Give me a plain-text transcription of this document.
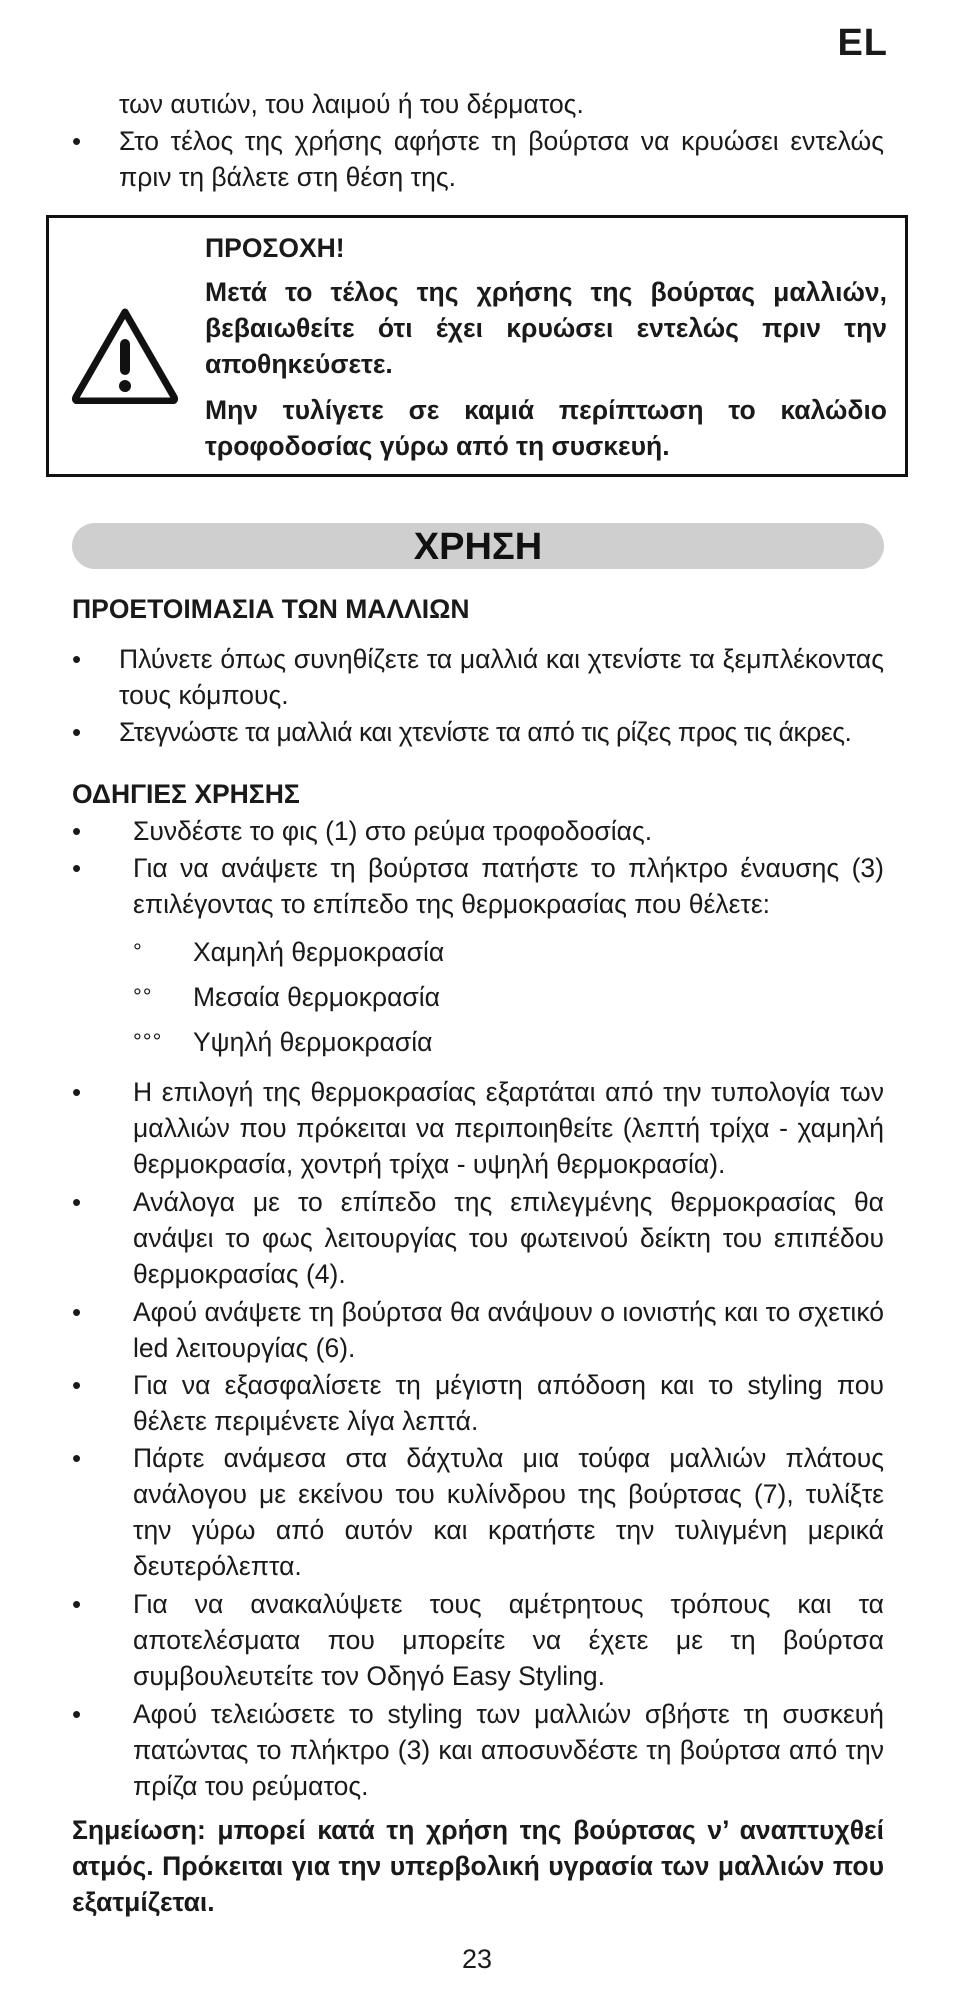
EL
των αυτιών, του λαιμού ή του δέρματος.
•	Στο τέλος της χρήσης αφήστε τη βούρτσα να κρυώσει εντελώς πριν τη βάλετε στη θέση της.
ΠΡΟΣΟΧΗ!
Μετά το τέλος της χρήσης της βούρτας μαλλιών, βεβαιωθείτε ότι έχει κρυώσει εντελώς πριν την αποθηκεύσετε.
Μην τυλίγετε σε καμιά περίπτωση το καλώδιο τροφοδοσίας γύρω από τη συσκευή.
ΧΡΗΣΗ
ΠΡΟΕΤΟΙΜΑΣΙΑ ΤΩΝ ΜΑΛΛΙΩΝ
•	Πλύνετε όπως συνηθίζετε τα μαλλιά και χτενίστε τα ξεμπλέκοντας τους κόμπους.
•	Στεγνώστε τα μαλλιά και χτενίστε τα από τις ρίζες προς τις άκρες.
ΟΔΗΓΙΕΣ ΧΡΗΣΗΣ
•	Συνδέστε το φις (1) στο ρεύμα τροφοδοσίας.
•	Για να ανάψετε τη βούρτσα πατήστε το πλήκτρο έναυσης (3) επιλέγοντας το επίπεδο της θερμοκρασίας που θέλετε:
° Χαμηλή θερμοκρασία
°° Μεσαία θερμοκρασία
°°° Υψηλή θερμοκρασία
•	Η επιλογή της θερμοκρασίας εξαρτάται από την τυπολογία των μαλλιών που πρόκειται να περιποιηθείτε (λεπτή τρίχα - χαμηλή θερμοκρασία, χοντρή τρίχα - υψηλή θερμοκρασία).
•	Ανάλογα με το επίπεδο της επιλεγμένης θερμοκρασίας θα ανάψει το φως λειτουργίας του φωτεινού δείκτη του επιπέδου θερμοκρασίας (4).
•	Αφού ανάψετε τη βούρτσα θα ανάψουν ο ιονιστής και το σχετικό led λειτουργίας (6).
•	Για να εξασφαλίσετε τη μέγιστη απόδοση και το styling που θέλετε περιμένετε λίγα λεπτά.
•	Πάρτε ανάμεσα στα δάχτυλα μια τούφα μαλλιών πλάτους ανάλογου με εκείνου του κυλίνδρου της βούρτσας (7), τυλίξτε την γύρω από αυτόν και κρατήστε την τυλιγμένη μερικά δευτερόλεπτα.
•	Για να ανακαλύψετε τους αμέτρητους τρόπους και τα αποτελέσματα που μπορείτε να έχετε με τη βούρτσα συμβουλευτείτε τον Οδηγό Easy Styling.
•	Αφού τελειώσετε το styling των μαλλιών σβήστε τη συσκευή πατώντας το πλήκτρο (3) και αποσυνδέστε τη βούρτσα από την πρίζα του ρεύματος.
Σημείωση: μπορεί κατά τη χρήση της βούρτσας ν’ αναπτυχθεί ατμός. Πρόκειται για την υπερβολική υγρασία των μαλλιών που εξατμίζεται.
23
